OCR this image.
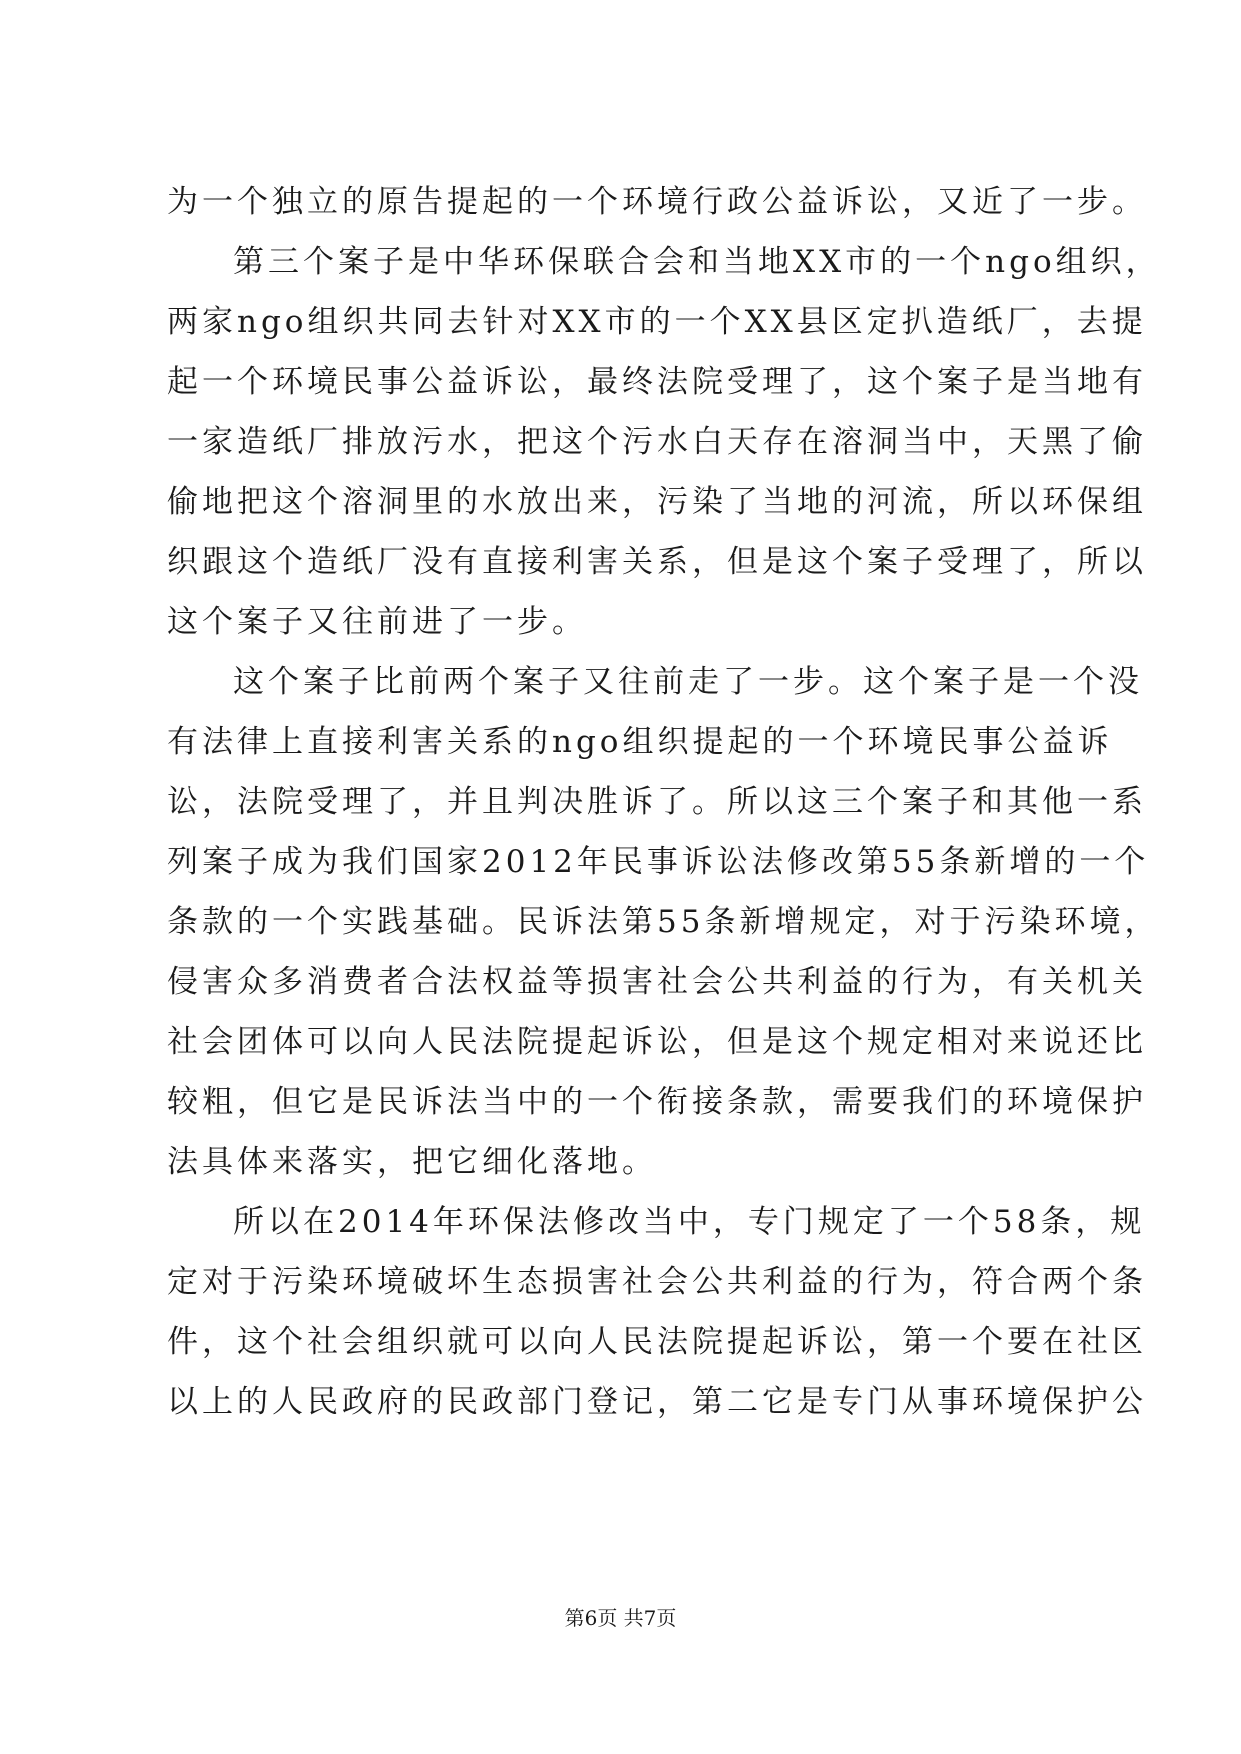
为一个独立的原告提起的一个环境行政公益诉讼，又近了一步。
第三个案子是中华环保联合会和当地XX市的一个ngo组织，
两家ngo组织共同去针对XX市的一个XX县区定扒造纸厂，去提
起一个环境民事公益诉讼，最终法院受理了，这个案子是当地有
一家造纸厂排放污水，把这个污水白天存在溶洞当中，天黑了偷
偷地把这个溶洞里的水放出来，污染了当地的河流，所以环保组
织跟这个造纸厂没有直接利害关系，但是这个案子受理了，所以
这个案子又往前进了一步。
这个案子比前两个案子又往前走了一步。这个案子是一个没
有法律上直接利害关系的ngo组织提起的一个环境民事公益诉
讼，法院受理了，并且判决胜诉了。所以这三个案子和其他一系
列案子成为我们国家2012年民事诉讼法修改第55条新增的一个
条款的一个实践基础。民诉法第55条新增规定，对于污染环境，
侵害众多消费者合法权益等损害社会公共利益的行为，有关机关
社会团体可以向人民法院提起诉讼，但是这个规定相对来说还比
较粗，但它是民诉法当中的一个衔接条款，需要我们的环境保护
法具体来落实，把它细化落地。
所以在2014年环保法修改当中，专门规定了一个58条，规
定对于污染环境破坏生态损害社会公共利益的行为，符合两个条
件，这个社会组织就可以向人民法院提起诉讼，第一个要在社区
以上的人民政府的民政部门登记，第二它是专门从事环境保护公
第6页 共7页
